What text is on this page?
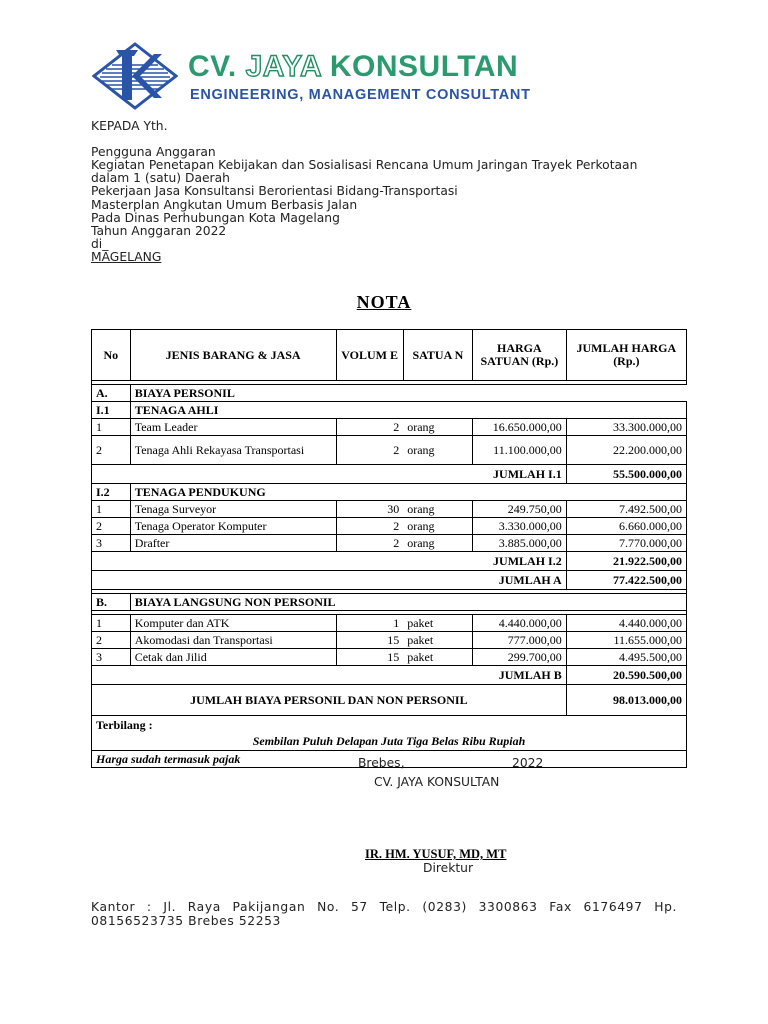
CV. JAYA KONSULTAN
ENGINEERING, MANAGEMENT CONSULTANT
KEPADA Yth.
Pengguna Anggaran
Kegiatan Penetapan Kebijakan dan Sosialisasi Rencana Umum Jaringan Trayek Perkotaan
dalam 1 (satu) Daerah
Pekerjaan Jasa Konsultansi Berorientasi Bidang-Transportasi
Masterplan Angkutan Umum Berbasis Jalan
Pada Dinas Perhubungan Kota Magelang
Tahun Anggaran 2022
di_
MAGELANG
NOTA
No	JENIS BARANG & JASA	VOLUM E	SATUA N	HARGA SATUAN (Rp.)	JUMLAH HARGA (Rp.)

A.	BIAYA PERSONIL				
I.1	TENAGA AHLI				
1	Team Leader	2	orang	16.650.000,00	33.300.000,00
2	Tenaga Ahli Rekayasa Transportasi	2	orang	11.100.000,00	22.200.000,00
JUMLAH I.1					55.500.000,00
I.2	TENAGA PENDUKUNG				
1	Tenaga Surveyor	30	orang	249.750,00	7.492.500,00
2	Tenaga Operator Komputer	2	orang	3.330.000,00	6.660.000,00
3	Drafter	2	orang	3.885.000,00	7.770.000,00
JUMLAH I.2					21.922.500,00
JUMLAH A					77.422.500,00

B.	BIAYA LANGSUNG NON PERSONIL				

1	Komputer dan ATK	1	paket	4.440.000,00	4.440.000,00
2	Akomodasi dan Transportasi	15	paket	777.000,00	11.655.000,00
3	Cetak dan Jilid	15	paket	299.700,00	4.495.500,00
JUMLAH B					20.590.500,00
JUMLAH BIAYA PERSONIL DAN NON PERSONIL					98.013.000,00

Terbilang :
Sembilan Puluh Delapan Juta Tiga Belas Ribu Rupiah					

Harga sudah termasuk pajak						Brebes,	2022
CV. JAYA KONSULTAN
IR. HM. YUSUF, MD, MT
Direktur
Kantor : Jl. Raya Pakijangan No. 57 Telp. (0283) 3300863 Fax 6176497 Hp. 08156523735 Brebes 52253
